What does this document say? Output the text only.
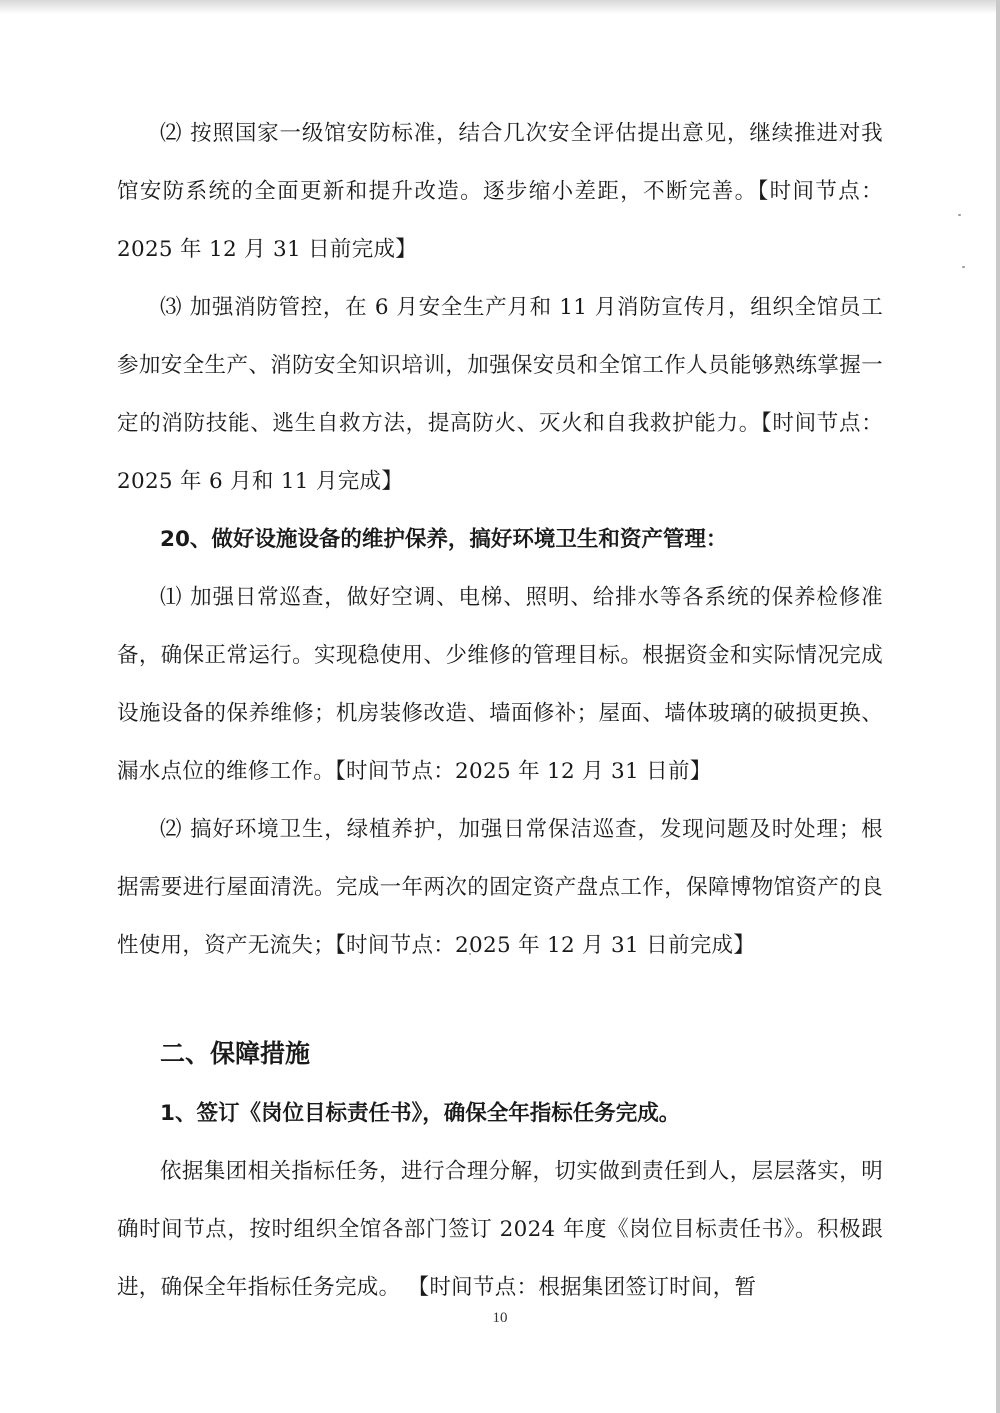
⑵ 按照国家一级馆安防标准，结合几次安全评估提出意见，继续推进对我馆安防系统的全面更新和提升改造。逐步缩小差距，不断完善。【时间节点：2025 年 12 月 31 日前完成】

⑶ 加强消防管控，在 6 月安全生产月和 11 月消防宣传月，组织全馆员工参加安全生产、消防安全知识培训，加强保安员和全馆工作人员能够熟练掌握一定的消防技能、逃生自救方法，提高防火、灭火和自我救护能力。【时间节点：2025 年 6 月和 11 月完成】

20、做好设施设备的维护保养，搞好环境卫生和资产管理：

⑴ 加强日常巡查，做好空调、电梯、照明、给排水等各系统的保养检修准备，确保正常运行。实现稳使用、少维修的管理目标。根据资金和实际情况完成设施设备的保养维修；机房装修改造、墙面修补；屋面、墙体玻璃的破损更换、漏水点位的维修工作。【时间节点：2025 年 12 月 31 日前】

⑵ 搞好环境卫生，绿植养护，加强日常保洁巡查，发现问题及时处理；根据需要进行屋面清洗。完成一年两次的固定资产盘点工作，保障博物馆资产的良性使用，资产无流失；【时间节点：2025 年 12 月 31 日前完成】

二、保障措施

1、签订《岗位目标责任书》，确保全年指标任务完成。

依据集团相关指标任务，进行合理分解，切实做到责任到人，层层落实，明确时间节点，按时组织全馆各部门签订 2024 年度《岗位目标责任书》。积极跟进，确保全年指标任务完成。 【时间节点：根据集团签订时间，暂

10
